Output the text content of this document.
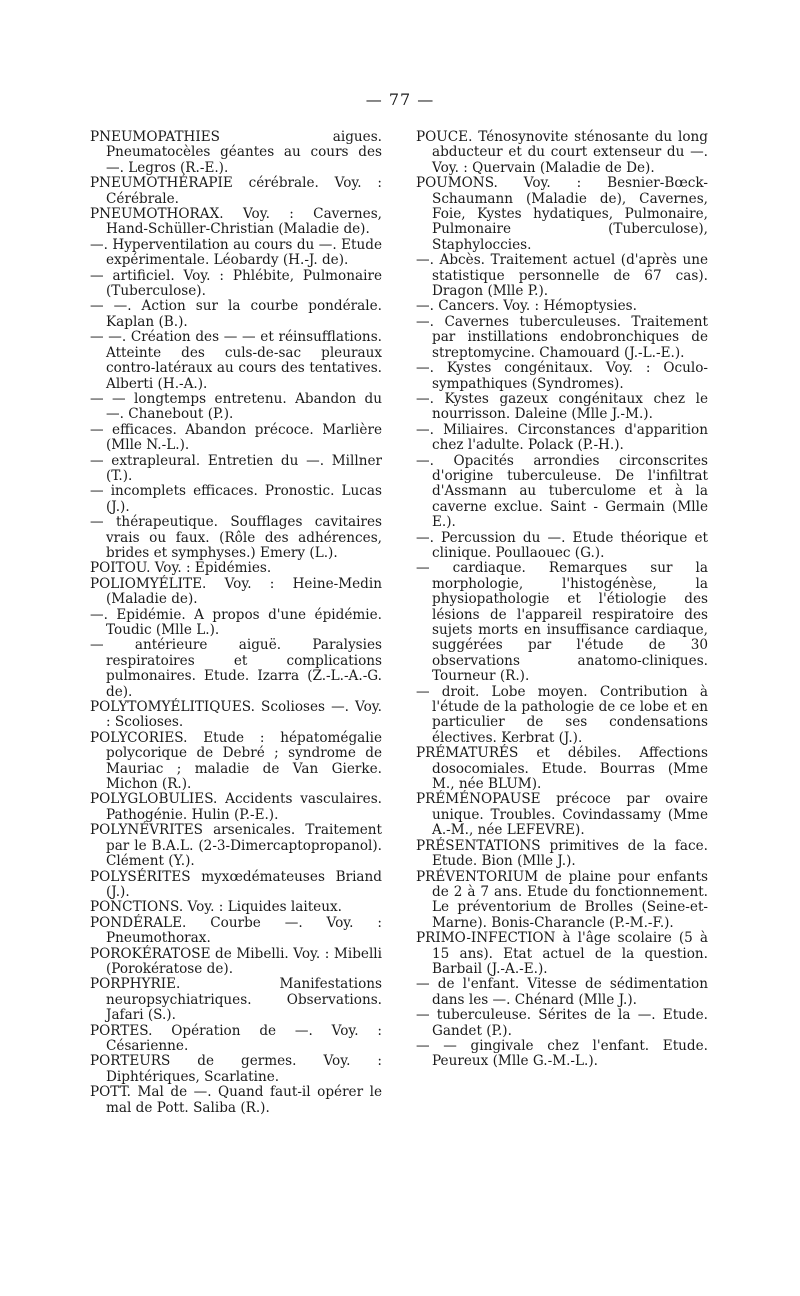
— 77 —

PNEUMOPATHIES aigues. Pneumatocèles géantes au cours des —. Legros (R.-E.).

PNEUMOTHÉRAPIE cérébrale. Voy. : Cérébrale.

PNEUMOTHORAX. Voy. : Cavernes, Hand-Schüller-Christian (Maladie de).

—. Hyperventilation au cours du —. Etude expérimentale. Léobardy (H.-J. de).

— artificiel. Voy. : Phlébite, Pulmonaire (Tuberculose).

— —. Action sur la courbe pondérale. Kaplan (B.).

— —. Création des — — et réinsufflations. Atteinte des culs-de-sac pleuraux contro-latéraux au cours des tentatives. Alberti (H.-A.).

— — longtemps entretenu. Abandon du —. Chanebout (P.).

— efficaces. Abandon précoce. Marlière (Mlle N.-L.).

— extrapleural. Entretien du —. Millner (T.).

— incomplets efficaces. Pronostic. Lucas (J.).

— thérapeutique. Soufflages cavitaires vrais ou faux. (Rôle des adhérences, brides et symphyses.) Emery (L.).

POITOU. Voy. : Epidémies.

POLIOMYÉLITE. Voy. : Heine-Medin (Maladie de).

—. Epidémie. A propos d'une épidémie. Toudic (Mlle L.).

— antérieure aiguë. Paralysies respiratoires et complications pulmonaires. Etude. Izarra (Z.-L.-A.-G. de).

POLYTOMYÉLITIQUES. Scolioses —. Voy. : Scolioses.

POLYCORIES. Etude : hépatomégalie polycorique de Debré ; syndrome de Mauriac ; maladie de Van Gierke. Michon (R.).

POLYGLOBULIES. Accidents vasculaires. Pathogénie. Hulin (P.-E.).

POLYNÉVRITES arsenicales. Traitement par le B.A.L. (2-3-Dimercaptopropanol). Clément (Y.).

POLYSÉRITES myxœdémateuses Briand (J.).

PONCTIONS. Voy. : Liquides laiteux.

PONDÉRALE. Courbe —. Voy. : Pneumothorax.

POROKÉRATOSE de Mibelli. Voy. : Mibelli (Porokératose de).

PORPHYRIE. Manifestations neuropsychiatriques. Observations. Jafari (S.).

PORTES. Opération de —. Voy. : Césarienne.

PORTEURS de germes. Voy. : Diphtériques, Scarlatine.

POTT. Mal de —. Quand faut-il opérer le mal de Pott. Saliba (R.).

POUCE. Ténosynovite sténosante du long abducteur et du court extenseur du —. Voy. : Quervain (Maladie de De).

POUMONS. Voy. : Besnier-Bœck-Schaumann (Maladie de), Cavernes, Foie, Kystes hydatiques, Pulmonaire, Pulmonaire (Tuberculose), Staphyloccies.

—. Abcès. Traitement actuel (d'après une statistique personnelle de 67 cas). Dragon (Mlle P.).

—. Cancers. Voy. : Hémoptysies.

—. Cavernes tuberculeuses. Traitement par instillations endobronchiques de streptomycine. Chamouard (J.-L.-E.).

—. Kystes congénitaux. Voy. : Oculo-sympathiques (Syndromes).

—. Kystes gazeux congénitaux chez le nourrisson. Daleine (Mlle J.-M.).

—. Miliaires. Circonstances d'apparition chez l'adulte. Polack (P.-H.).

—. Opacités arrondies circonscrites d'origine tuberculeuse. De l'infiltrat d'Assmann au tuberculome et à la caverne exclue. Saint - Germain (Mlle E.).

—. Percussion du —. Etude théorique et clinique. Poullaouec (G.).

— cardiaque. Remarques sur la morphologie, l'histogénèse, la physiopathologie et l'étiologie des lésions de l'appareil respiratoire des sujets morts en insuffisance cardiaque, suggérées par l'étude de 30 observations anatomo-cliniques. Tourneur (R.).

— droit. Lobe moyen. Contribution à l'étude de la pathologie de ce lobe et en particulier de ses condensations électives. Kerbrat (J.).

PRÉMATURÉS et débiles. Affections dosocomiales. Etude. Bourras (Mme M., née BLUM).

PRÉMÉNOPAUSE précoce par ovaire unique. Troubles. Covindassamy (Mme A.-M., née LEFEVRE).

PRÉSENTATIONS primitives de la face. Etude. Bion (Mlle J.).

PRÉVENTORIUM de plaine pour enfants de 2 à 7 ans. Etude du fonctionnement. Le préventorium de Brolles (Seine-et-Marne). Bonis-Charancle (P.-M.-F.).

PRIMO-INFECTION à l'âge scolaire (5 à 15 ans). Etat actuel de la question. Barbail (J.-A.-E.).

— de l'enfant. Vitesse de sédimentation dans les —. Chénard (Mlle J.).

— tuberculeuse. Sérites de la —. Etude. Gandet (P.).

— — gingivale chez l'enfant. Etude. Peureux (Mlle G.-M.-L.).
